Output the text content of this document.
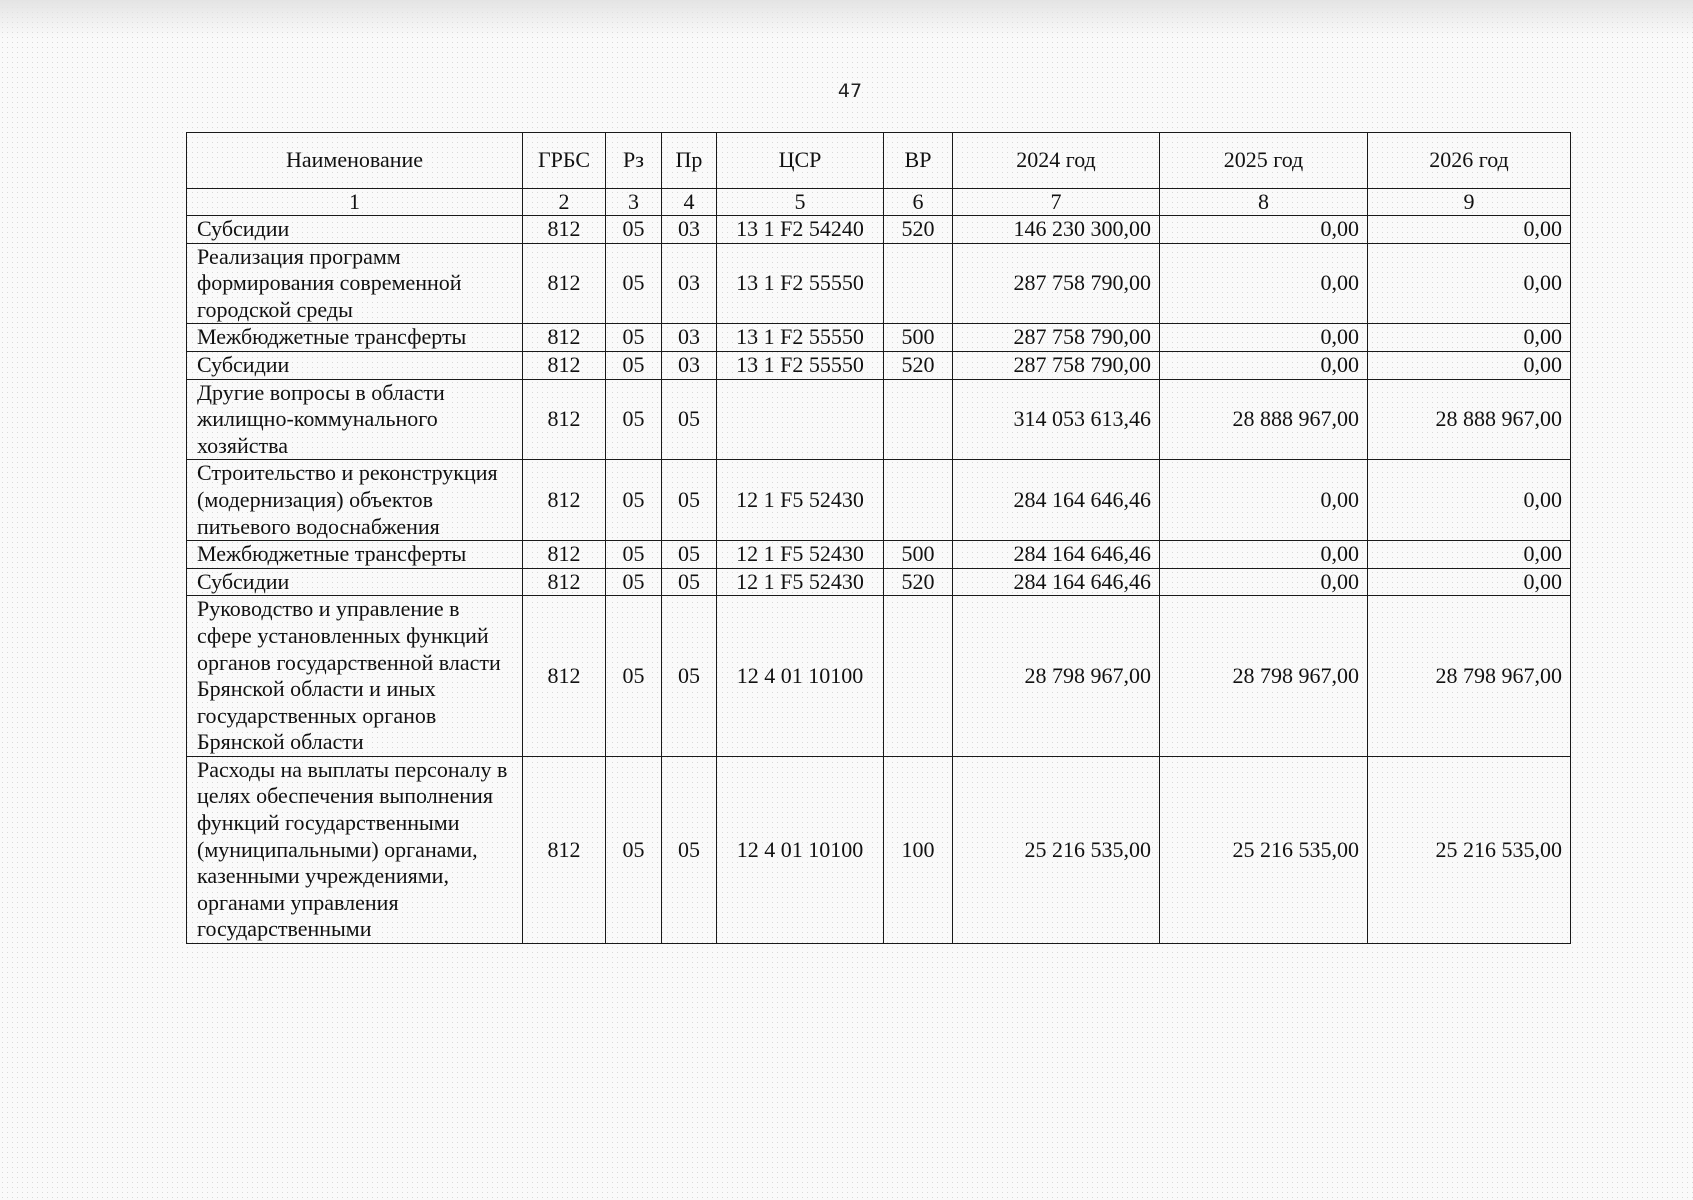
47
Наименование	ГРБС	Рз	Пр	ЦСР	ВР	2024 год	2025 год	2026 год
1	2	3	4	5	6	7	8	9
Субсидии	812	05	03	13 1 F2 54240	520	146 230 300,00	0,00	0,00
Реализация программ формирования современной городской среды	812	05	03	13 1 F2 55550		287 758 790,00	0,00	0,00
Межбюджетные трансферты	812	05	03	13 1 F2 55550	500	287 758 790,00	0,00	0,00
Субсидии	812	05	03	13 1 F2 55550	520	287 758 790,00	0,00	0,00
Другие вопросы в области жилищно-коммунального хозяйства	812	05	05			314 053 613,46	28 888 967,00	28 888 967,00
Строительство и реконструкция (модернизация) объектов питьевого водоснабжения	812	05	05	12 1 F5 52430		284 164 646,46	0,00	0,00
Межбюджетные трансферты	812	05	05	12 1 F5 52430	500	284 164 646,46	0,00	0,00
Субсидии	812	05	05	12 1 F5 52430	520	284 164 646,46	0,00	0,00
Руководство и управление в сфере установленных функций органов государственной власти Брянской области и иных государственных органов Брянской области	812	05	05	12 4 01 10100		28 798 967,00	28 798 967,00	28 798 967,00
Расходы на выплаты персоналу в целях обеспечения выполнения функций государственными (муниципальными) органами, казенными учреждениями, органами управления государственными	812	05	05	12 4 01 10100	100	25 216 535,00	25 216 535,00	25 216 535,00
